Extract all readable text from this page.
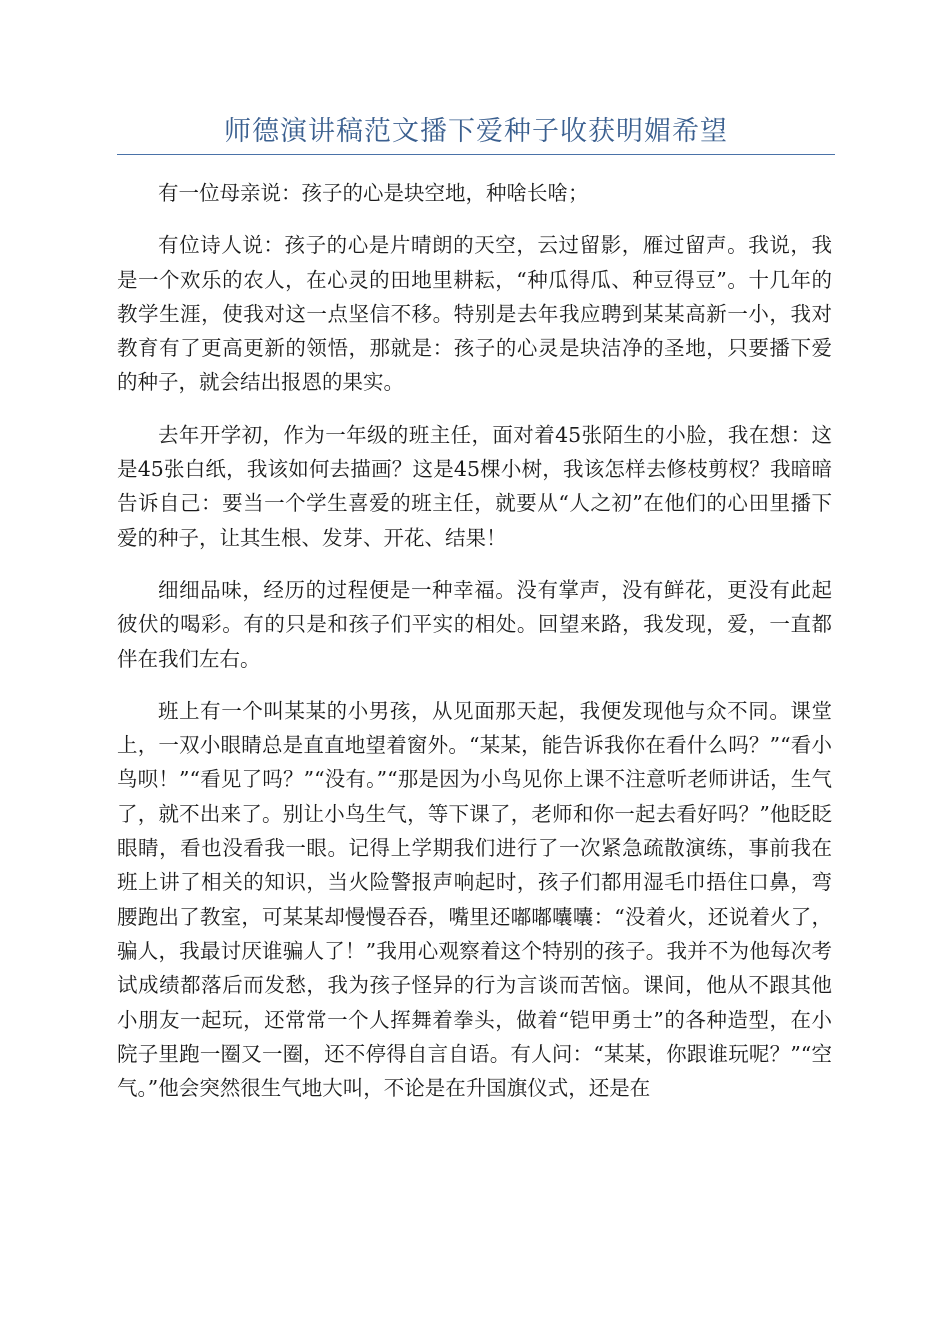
师德演讲稿范文播下爱种子收获明媚希望

有一位母亲说：孩子的心是块空地，种啥长啥；

有位诗人说：孩子的心是片晴朗的天空，云过留影，雁过留声。我说，我是一个欢乐的农人，在心灵的田地里耕耘，“种瓜得瓜、种豆得豆”。十几年的教学生涯，使我对这一点坚信不移。特别是去年我应聘到某某高新一小，我对教育有了更高更新的领悟，那就是：孩子的心灵是块洁净的圣地，只要播下爱的种子，就会结出报恩的果实。

去年开学初，作为一年级的班主任，面对着45张陌生的小脸，我在想：这是45张白纸，我该如何去描画？这是45棵小树，我该怎样去修枝剪杈？我暗暗告诉自己：要当一个学生喜爱的班主任，就要从“人之初”在他们的心田里播下爱的种子，让其生根、发芽、开花、结果！

细细品味，经历的过程便是一种幸福。没有掌声，没有鲜花，更没有此起彼伏的喝彩。有的只是和孩子们平实的相处。回望来路，我发现，爱，一直都伴在我们左右。

班上有一个叫某某的小男孩，从见面那天起，我便发现他与众不同。课堂上，一双小眼睛总是直直地望着窗外。“某某，能告诉我你在看什么吗？”“看小鸟呗！”“看见了吗？”“没有。”“那是因为小鸟见你上课不注意听老师讲话，生气了，就不出来了。别让小鸟生气，等下课了，老师和你一起去看好吗？”他眨眨眼睛，看也没看我一眼。记得上学期我们进行了一次紧急疏散演练，事前我在班上讲了相关的知识，当火险警报声响起时，孩子们都用湿毛巾捂住口鼻，弯腰跑出了教室，可某某却慢慢吞吞，嘴里还嘟嘟囔囔：“没着火，还说着火了，骗人，我最讨厌谁骗人了！”我用心观察着这个特别的孩子。我并不为他每次考试成绩都落后而发愁，我为孩子怪异的行为言谈而苦恼。课间，他从不跟其他小朋友一起玩，还常常一个人挥舞着拳头，做着“铠甲勇士”的各种造型，在小院子里跑一圈又一圈，还不停得自言自语。有人问：“某某，你跟谁玩呢？”“空气。”他会突然很生气地大叫，不论是在升国旗仪式，还是在
